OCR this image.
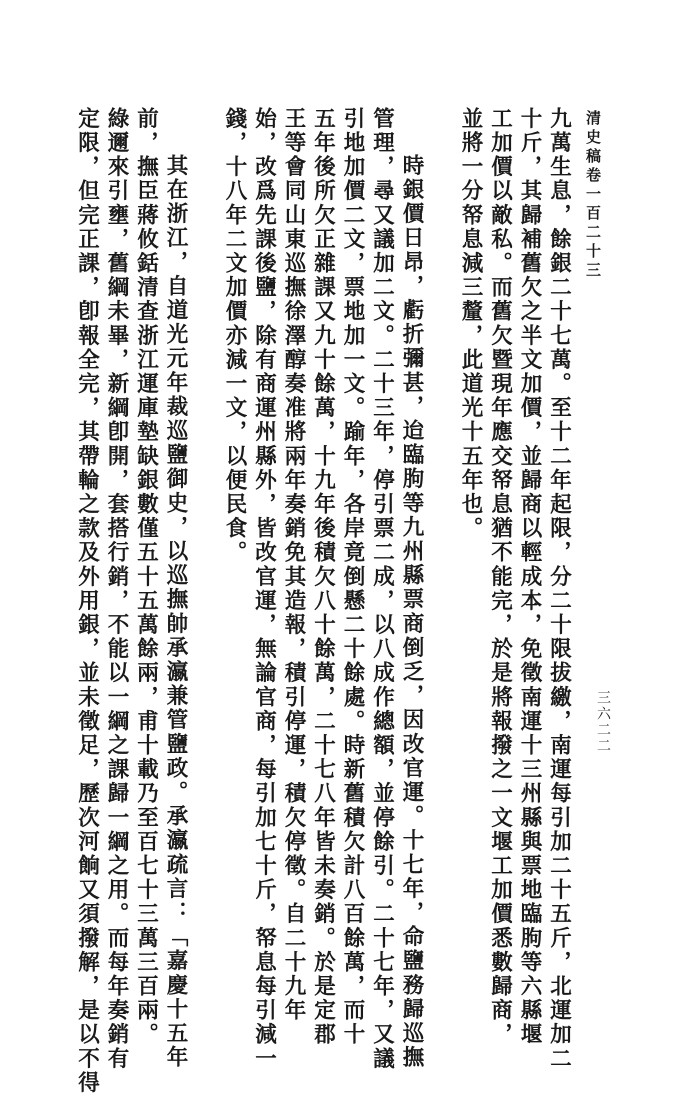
清史稿卷一百二十三
三六二二
九萬生息，餘銀二十七萬。至十二年起限，分二十限拔繳，南運每引加二十五斤，北運加二
十斤，其歸補舊欠之半文加價，並歸商以輕成本，免徵南運十三州縣與票地臨朐等六縣堰
工加價以敵私。而舊欠暨現年應交帑息猶不能完，於是將報撥之一文堰工加價悉數歸商，
並將一分帑息減三釐，此道光十五年也。
時銀價日昂，虧折彌甚，迨臨朐等九州縣票商倒乏，因改官運。十七年，命鹽務歸巡撫
管理，尋又議加二文。二十三年，停引票二成，以八成作總額，並停餘引。二十七年，又議
引地加價二文，票地加一文。踰年，各岸竟倒懸二十餘處。時新舊積欠計八百餘萬，而十
五年後所欠正雜課又九十餘萬，十九年後積欠八十餘萬，二十七八年皆未奏銷。於是定郡
王等會同山東巡撫徐澤醇奏准將兩年奏銷免其造報，積引停運，積欠停徵。自二十九年
始，改爲先課後鹽，除有商運州縣外，皆改官運，無論官商，每引加七十斤，帑息每引減一
錢，十八年二文加價亦減一文，以便民食。
其在浙江，自道光元年裁巡鹽御史，以巡撫帥承瀛兼管鹽政。承瀛疏言：「嘉慶十五年
前，撫臣蔣攸銛清查浙江運庫墊缺銀數僅五十五萬餘兩，甫十載乃至百七十三萬三百兩。
綠邇來引壅，舊綱未畢，新綱卽開，套搭行銷，不能以一綱之課歸一綱之用。而每年奏銷有
定限，但完正課，卽報全完，其帶輪之款及外用銀，並未徵足，歷次河餉又須撥解，是以不得
